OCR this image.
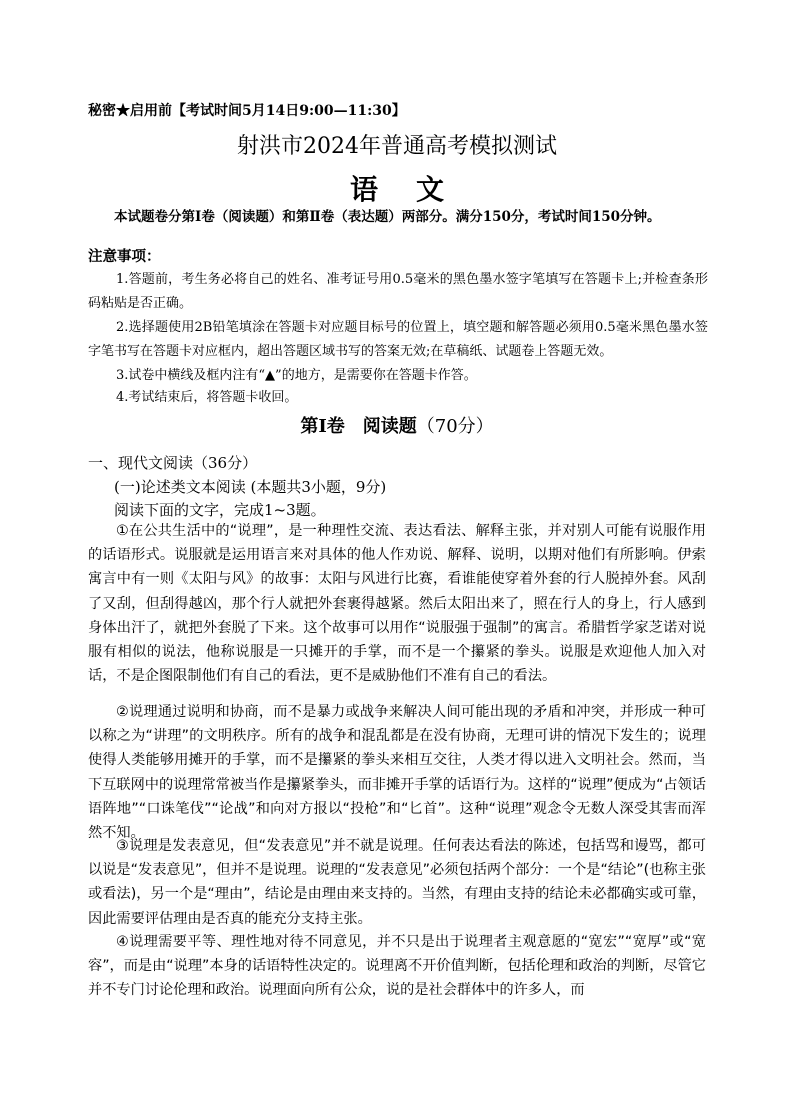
秘密★启用前【考试时间5月14日9:00—11:30】
射洪市2024年普通高考模拟测试
语文
本试题卷分第Ⅰ卷（阅读题）和第Ⅱ卷（表达题）两部分。满分150分，考试时间150分钟。
注意事项：
1.答题前，考生务必将自己的姓名、准考证号用0.5毫米的黑色墨水签字笔填写在答题卡上;并检查条形码粘贴是否正确。
2.选择题使用2B铅笔填涂在答题卡对应题目标号的位置上，填空题和解答题必须用0.5毫米黑色墨水签字笔书写在答题卡对应框内，超出答题区域书写的答案无效;在草稿纸、试题卷上答题无效。
3.试卷中横线及框内注有“▲”的地方，是需要你在答题卡作答。
4.考试结束后，将答题卡收回。
第Ⅰ卷　阅读题（70分）
一、现代文阅读（36分）
(一)论述类文本阅读 (本题共3小题，9分)
阅读下面的文字，完成1~3题。
①在公共生活中的“说理”，是一种理性交流、表达看法、解释主张，并对别人可能有说服作用的话语形式。说服就是运用语言来对具体的他人作劝说、解释、说明，以期对他们有所影响。伊索寓言中有一则《太阳与风》的故事：太阳与风进行比赛，看谁能使穿着外套的行人脱掉外套。风刮了又刮，但刮得越凶，那个行人就把外套裹得越紧。然后太阳出来了，照在行人的身上，行人感到身体出汗了，就把外套脱了下来。这个故事可以用作“说服强于强制”的寓言。希腊哲学家芝诺对说服有相似的说法，他称说服是一只摊开的手掌，而不是一个攥紧的拳头。说服是欢迎他人加入对话，不是企图限制他们有自己的看法，更不是威胁他们不准有自己的看法。
②说理通过说明和协商，而不是暴力或战争来解决人间可能出现的矛盾和冲突，并形成一种可以称之为“讲理”的文明秩序。所有的战争和混乱都是在没有协商，无理可讲的情况下发生的；说理使得人类能够用摊开的手掌，而不是攥紧的拳头来相互交往，人类才得以进入文明社会。然而，当下互联网中的说理常常被当作是攥紧拳头，而非摊开手掌的话语行为。这样的“说理”便成为“占领话语阵地”“口诛笔伐”“论战”和向对方报以“投枪”和“匕首”。这种“说理”观念令无数人深受其害而浑然不知。
③说理是发表意见，但“发表意见”并不就是说理。任何表达看法的陈述，包括骂和谩骂，都可以说是“发表意见”，但并不是说理。说理的“发表意见”必须包括两个部分：一个是“结论”(也称主张或看法)，另一个是“理由”，结论是由理由来支持的。当然，有理由支持的结论未必都确实或可靠，因此需要评估理由是否真的能充分支持主张。
④说理需要平等、理性地对待不同意见，并不只是出于说理者主观意愿的“宽宏”“宽厚”或“宽容”，而是由“说理”本身的话语特性决定的。说理离不开价值判断，包括伦理和政治的判断，尽管它并不专门讨论伦理和政治。说理面向所有公众，说的是社会群体中的许多人，而
